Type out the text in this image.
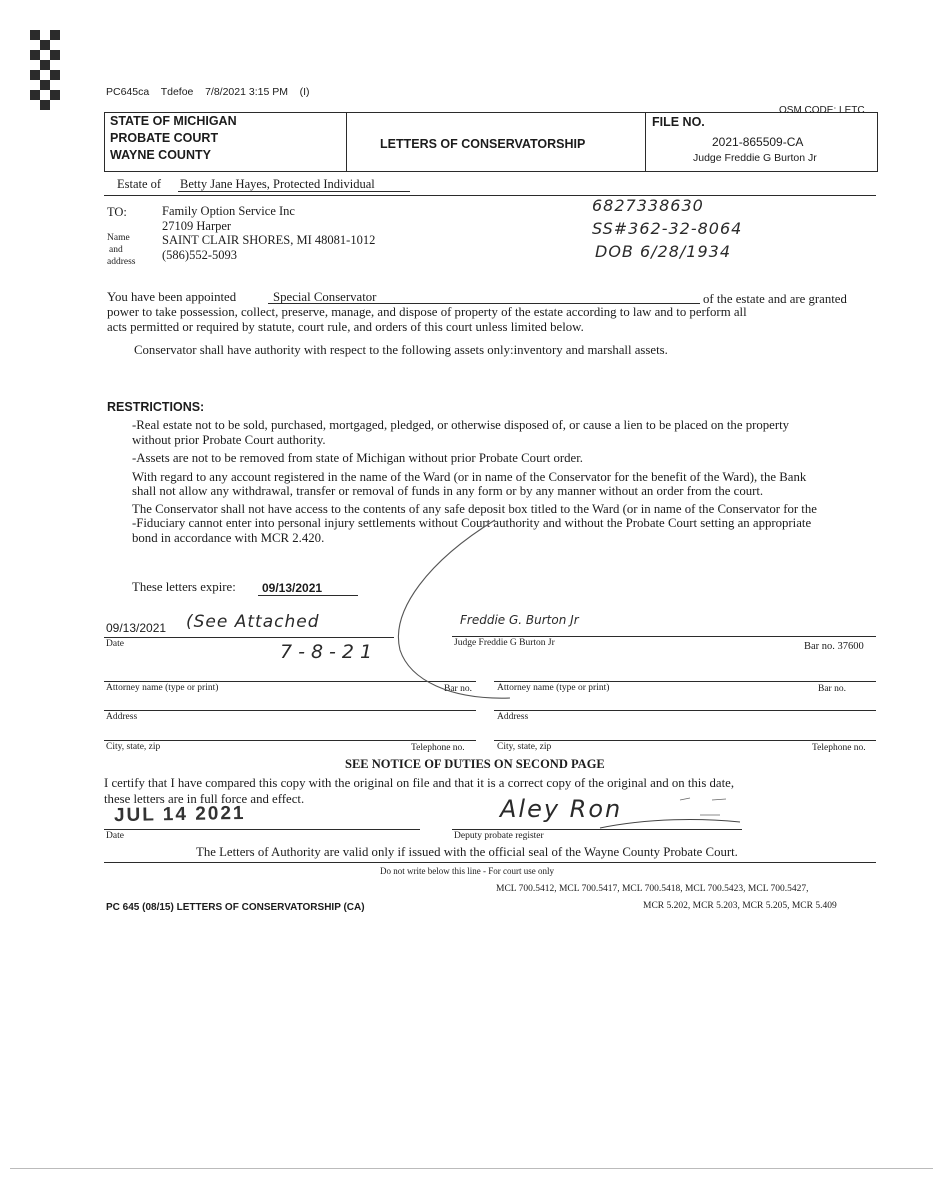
PC645ca Tdefoe 7/8/2021 3:15 PM (I)
OSM CODE: LETC
STATE OF MICHIGAN
PROBATE COURT
WAYNE COUNTY
LETTERS OF CONSERVATORSHIP
FILE NO.
2021-865509-CA
Judge Freddie G Burton Jr
Estate of Betty Jane Hayes, Protected Individual
TO:
Name
and
address
Family Option Service Inc
27109 Harper
SAINT CLAIR SHORES, MI 48081-1012
(586)552-5093
6827338630
SS#362-32-8064
DOB 6/28/1934
You have been appointed	Special Conservator	of the estate and are granted
power to take possession, collect, preserve, manage, and dispose of property of the estate according to law and to perform all
acts permitted or required by statute, court rule, and orders of this court unless limited below.
Conservator shall have authority with respect to the following assets only:inventory and marshall assets.
RESTRICTIONS:
-Real estate not to be sold, purchased, mortgaged, pledged, or otherwise disposed of, or cause a lien to be placed on the property
without prior Probate Court authority.
-Assets are not to be removed from state of Michigan without prior Probate Court order.
With regard to any account registered in the name of the Ward (or in name of the Conservator for the benefit of the Ward), the Bank
shall not allow any withdrawal, transfer or removal of funds in any form or by any manner without an order from the court.
The Conservator shall not have access to the contents of any safe deposit box titled to the Ward (or in name of the Conservator for the
-Fiduciary cannot enter into personal injury settlements without Court authority and without the Probate Court setting an appropriate
bond in accordance with MCR 2.420.
These letters expire: 09/13/2021
09/13/2021 (See Attached
Date	7-8-21
Freddie G. Burton Jr
Judge Freddie G Burton Jr	Bar no. 37600
Attorney name (type or print)	Bar no.
Address
City, state, zip	Telephone no.
Attorney name (type or print)	Bar no.
Address
City, state, zip	Telephone no.
SEE NOTICE OF DUTIES ON SECOND PAGE
I certify that I have compared this copy with the original on file and that it is a correct copy of the original and on this date,
these letters are in full force and effect.
JUL 14 2021
Date
Aley Ron
Deputy probate register
The Letters of Authority are valid only if issued with the official seal of the Wayne County Probate Court.
Do not write below this line - For court use only
MCL 700.5412, MCL 700.5417, MCL 700.5418, MCL 700.5423, MCL 700.5427,
PC 645 (08/15) LETTERS OF CONSERVATORSHIP (CA)	MCR 5.202, MCR 5.203, MCR 5.205, MCR 5.409
